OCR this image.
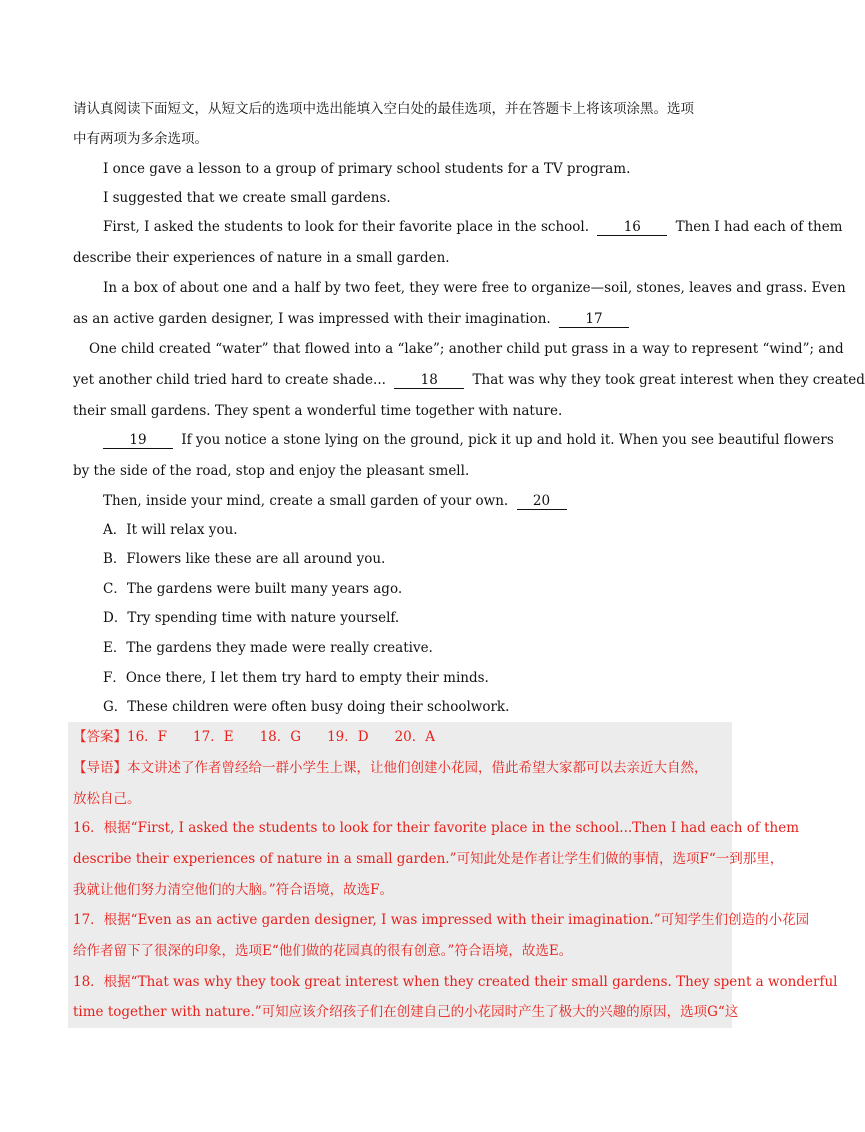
请认真阅读下面短文，从短文后的选项中选出能填入空白处的最佳选项，并在答题卡上将该项涂黑。选项
中有两项为多余选项。
I once gave a lesson to a group of primary school students for a TV program.
I suggested that we create small gardens.
First, I asked the students to look for their favorite place in the school.	16	Then I had each of them
describe their experiences of nature in a small garden.
In a box of about one and a half by two feet, they were free to organize—soil, stones, leaves and grass. Even
as an active garden designer, I was impressed with their imagination.	17
One child created “water” that flowed into a “lake”; another child put grass in a way to represent “wind”; and
yet another child tried hard to create shade...	18	That was why they took great interest when they created
their small gardens. They spent a wonderful time together with nature.
19	If you notice a stone lying on the ground, pick it up and hold it. When you see beautiful flowers
by the side of the road, stop and enjoy the pleasant smell.
Then, inside your mind, create a small garden of your own. 20
A．It will relax you.
B．Flowers like these are all around you.
C．The gardens were built many years ago.
D．Try spending time with nature yourself.
E．The gardens they made were really creative.
F．Once there, I let them try hard to empty their minds.
G．These children were often busy doing their schoolwork.
【答案】16．F 17．E 18．G 19．D 20．A
【导语】本文讲述了作者曾经给一群小学生上课，让他们创建小花园，借此希望大家都可以去亲近大自然，
放松自己。
16．根据“First, I asked the students to look for their favorite place in the school...Then I had each of them
describe their experiences of nature in a small garden.”可知此处是作者让学生们做的事情，选项F“一到那里，
我就让他们努力清空他们的大脑。”符合语境，故选F。
17．根据“Even as an active garden designer, I was impressed with their imagination.”可知学生们创造的小花园
给作者留下了很深的印象，选项E“他们做的花园真的很有创意。”符合语境，故选E。
18．根据“That was why they took great interest when they created their small gardens. They spent a wonderful
time together with nature.”可知应该介绍孩子们在创建自己的小花园时产生了极大的兴趣的原因，选项G“这
